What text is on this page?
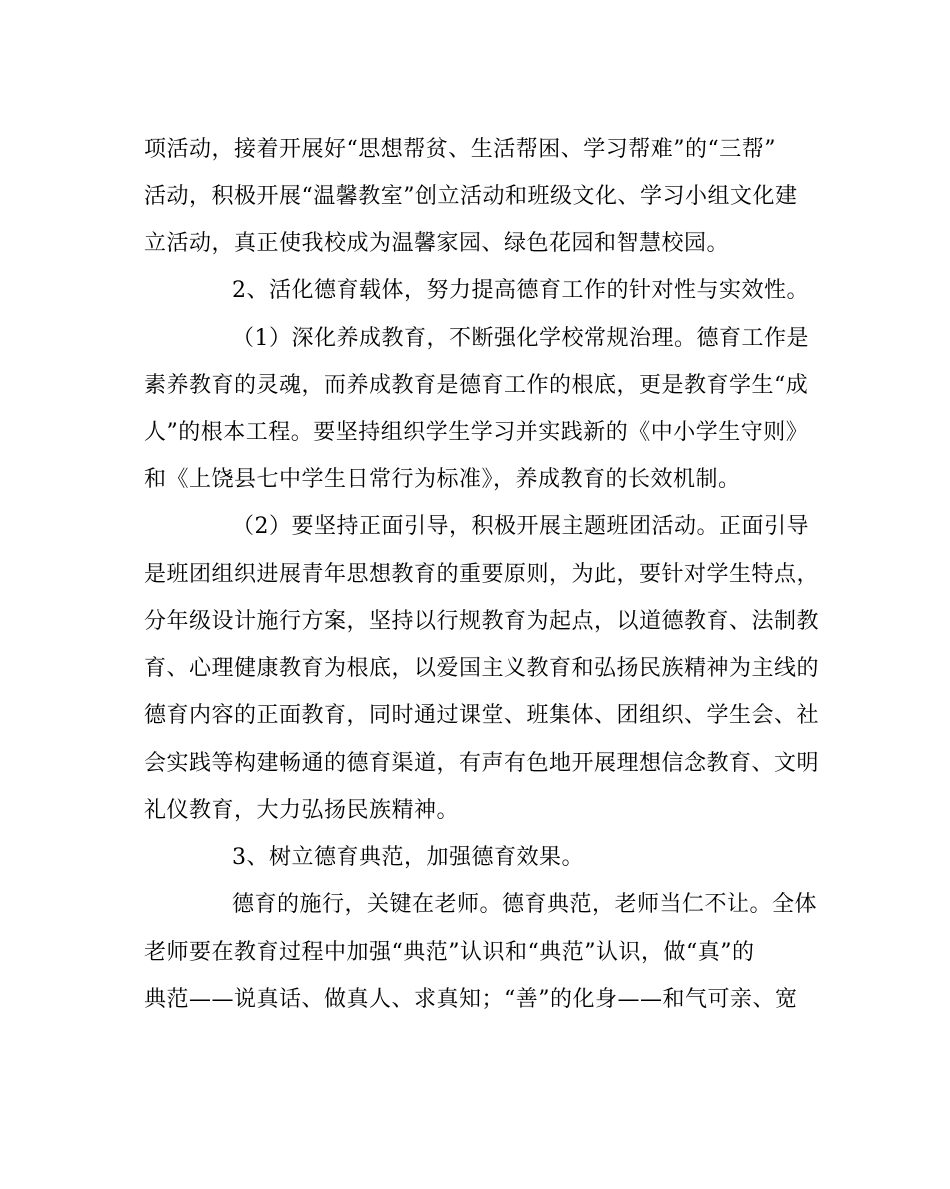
项活动，接着开展好“思想帮贫、生活帮困、学习帮难”的“三帮”
活动，积极开展“温馨教室”创立活动和班级文化、学习小组文化建
立活动，真正使我校成为温馨家园、绿色花园和智慧校园。
2、活化德育载体，努力提高德育工作的针对性与实效性。
（1）深化养成教育，不断强化学校常规治理。德育工作是
素养教育的灵魂，而养成教育是德育工作的根底，更是教育学生“成
人”的根本工程。要坚持组织学生学习并实践新的《中小学生守则》
和《上饶县七中学生日常行为标准》，养成教育的长效机制。
（2）要坚持正面引导，积极开展主题班团活动。正面引导
是班团组织进展青年思想教育的重要原则，为此，要针对学生特点，
分年级设计施行方案，坚持以行规教育为起点，以道德教育、法制教
育、心理健康教育为根底，以爱国主义教育和弘扬民族精神为主线的
德育内容的正面教育，同时通过课堂、班集体、团组织、学生会、社
会实践等构建畅通的德育渠道，有声有色地开展理想信念教育、文明
礼仪教育，大力弘扬民族精神。
3、树立德育典范，加强德育效果。
德育的施行，关键在老师。德育典范，老师当仁不让。全体
老师要在教育过程中加强“典范”认识和“典范”认识，做“真”的
典范——说真话、做真人、求真知；“善”的化身——和气可亲、宽
